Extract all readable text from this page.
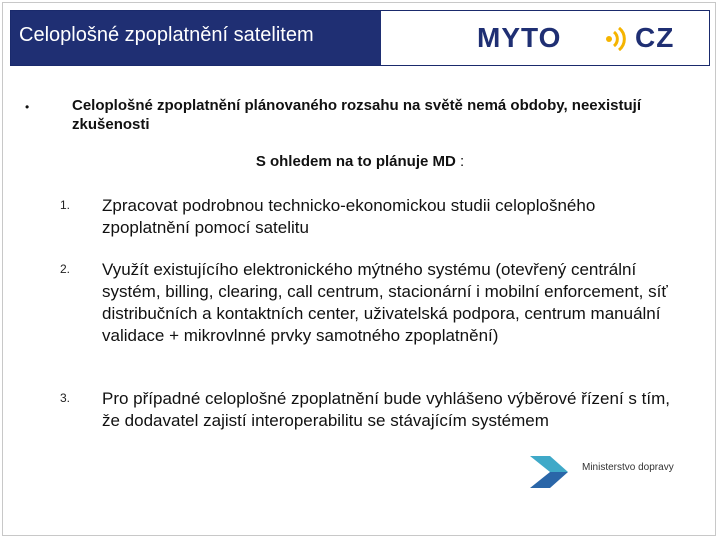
Celoplošné zpoplatnění satelitem	MYTO	CZ
•	Celoplošné zpoplatnění plánovaného rozsahu na světě nemá obdoby, neexistují zkušenosti
S ohledem na to plánuje MD :
1. Zpracovat podrobnou technicko-ekonomickou studii celoplošného zpoplatnění pomocí satelitu
2. Využít existujícího elektronického mýtného systému (otevřený centrální systém, billing, clearing, call centrum, stacionární i mobilní enforcement, síť distribučních a kontaktních center, uživatelská podpora, centrum manuální validace + mikrovlnné prvky samotného zpoplatnění)
3. Pro případné celoplošné zpoplatnění bude vyhlášeno výběrové řízení s tím, že dodavatel zajistí interoperabilitu se stávajícím systémem
Ministerstvo dopravy
